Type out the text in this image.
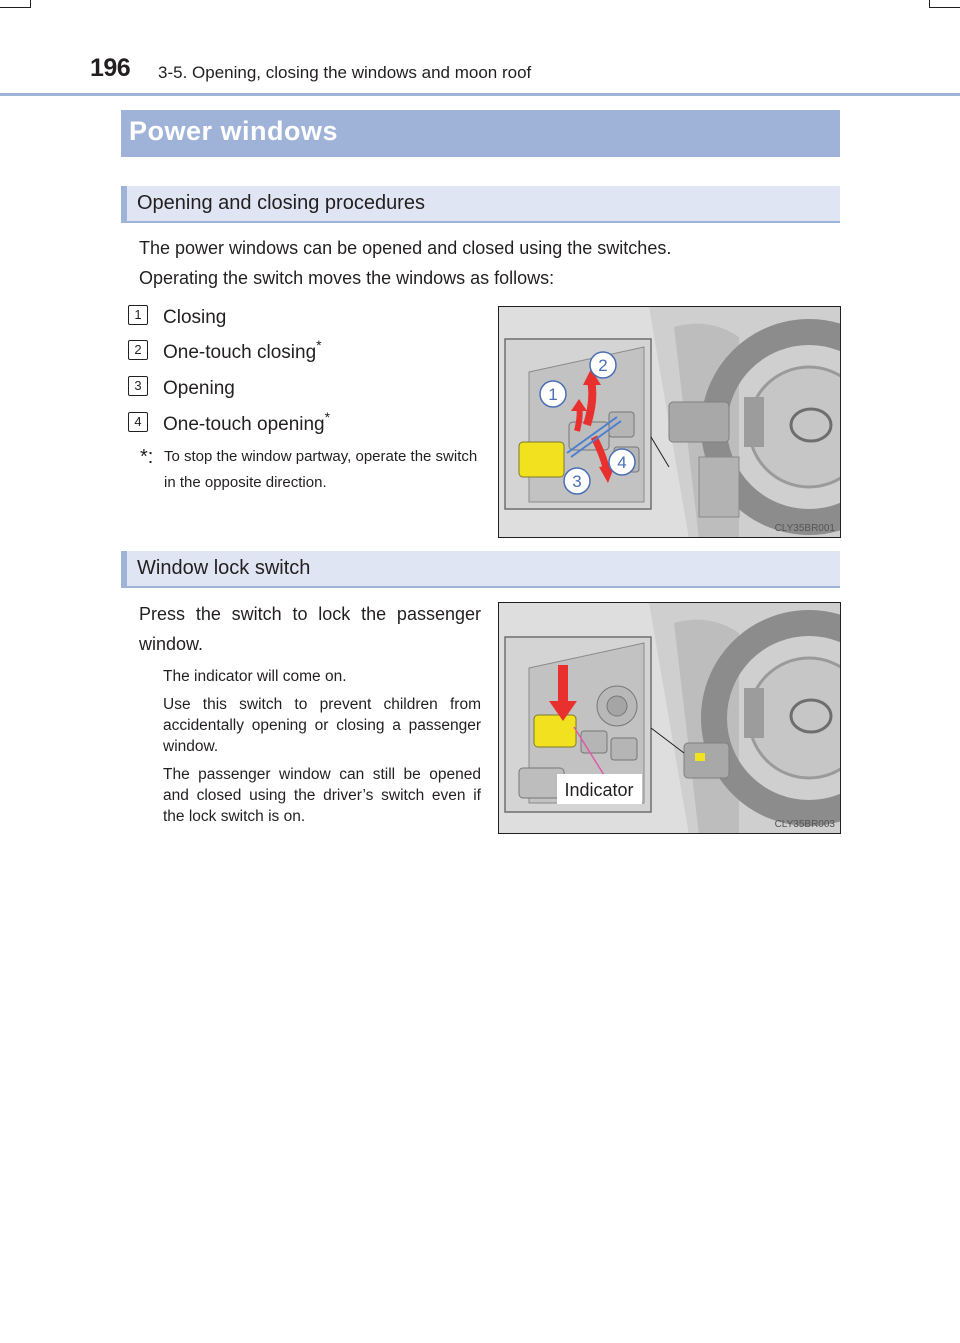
196 3-5. Opening, closing the windows and moon roof
Power windows
Opening and closing procedures
The power windows can be opened and closed using the switches.
Operating the switch moves the windows as follows:
1	Closing
2	One-touch closing*
3	Opening
4	One-touch opening*
*: To stop the window partway, operate the switch in the opposite direction.
2
1
4
3
CLY35BR001
Window lock switch
Press the switch to lock the passenger window.

The indicator will come on.

Use this switch to prevent children from accidentally opening or closing a passenger window.

The passenger window can still be opened and closed using the driver’s switch even if the lock switch is on.

Indicator
CLY35BR003
